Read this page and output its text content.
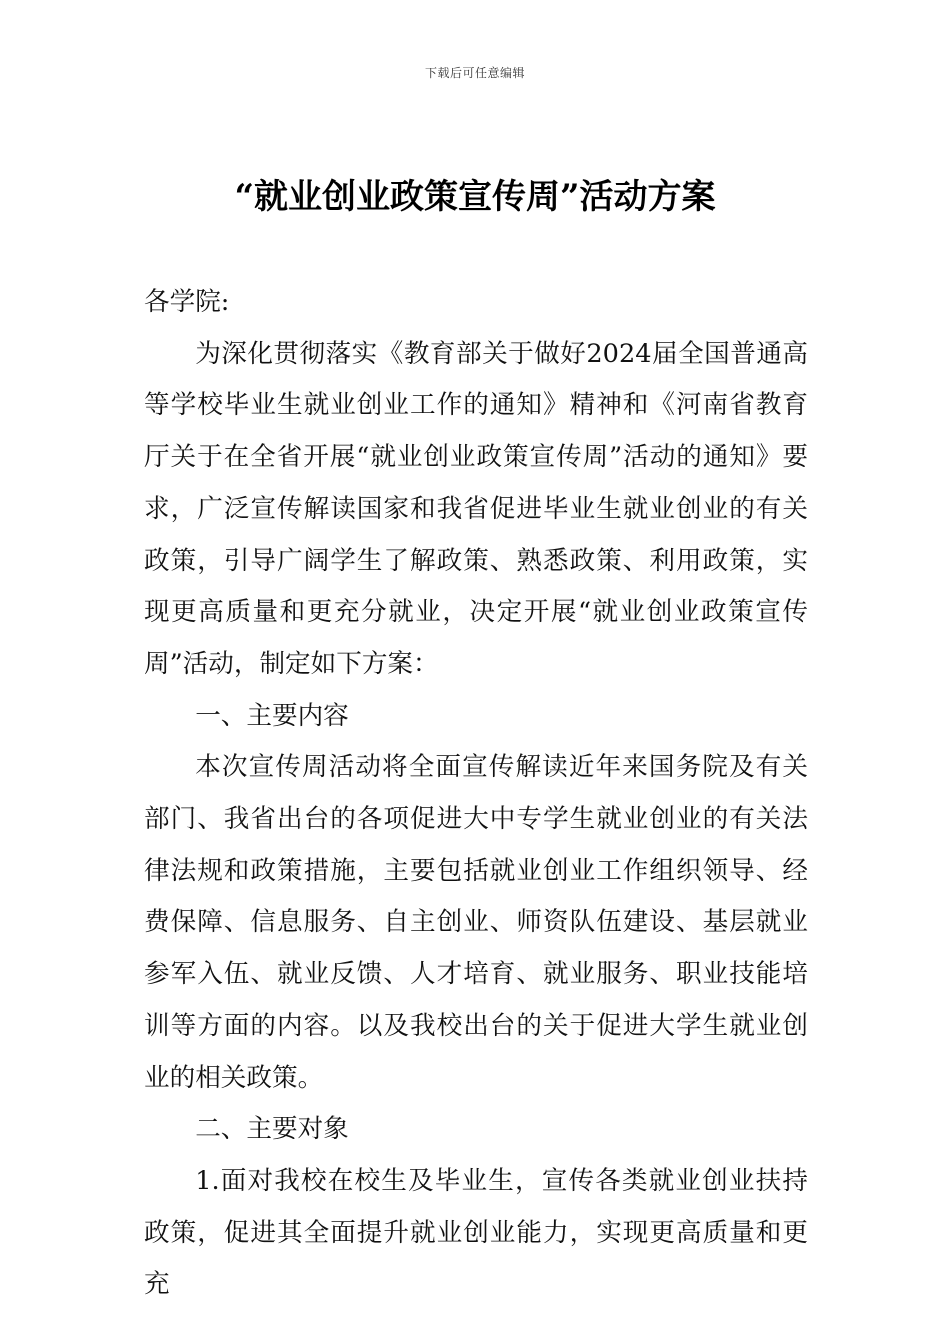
下载后可任意编辑
“就业创业政策宣传周”活动方案

各学院:

为深化贯彻落实《教育部关于做好2024届全国普通高等学校毕业生就业创业工作的通知》精神和《河南省教育厅关于在全省开展“就业创业政策宣传周”活动的通知》要求，广泛宣传解读国家和我省促进毕业生就业创业的有关政策，引导广阔学生了解政策、熟悉政策、利用政策，实现更高质量和更充分就业，决定开展“就业创业政策宣传周”活动，制定如下方案：

一、主要内容

本次宣传周活动将全面宣传解读近年来国务院及有关部门、我省出台的各项促进大中专学生就业创业的有关法律法规和政策措施，主要包括就业创业工作组织领导、经费保障、信息服务、自主创业、师资队伍建设、基层就业参军入伍、就业反馈、人才培育、就业服务、职业技能培训等方面的内容。以及我校出台的关于促进大学生就业创业的相关政策。

二、主要对象

1.面对我校在校生及毕业生，宣传各类就业创业扶持政策，促进其全面提升就业创业能力，实现更高质量和更充
